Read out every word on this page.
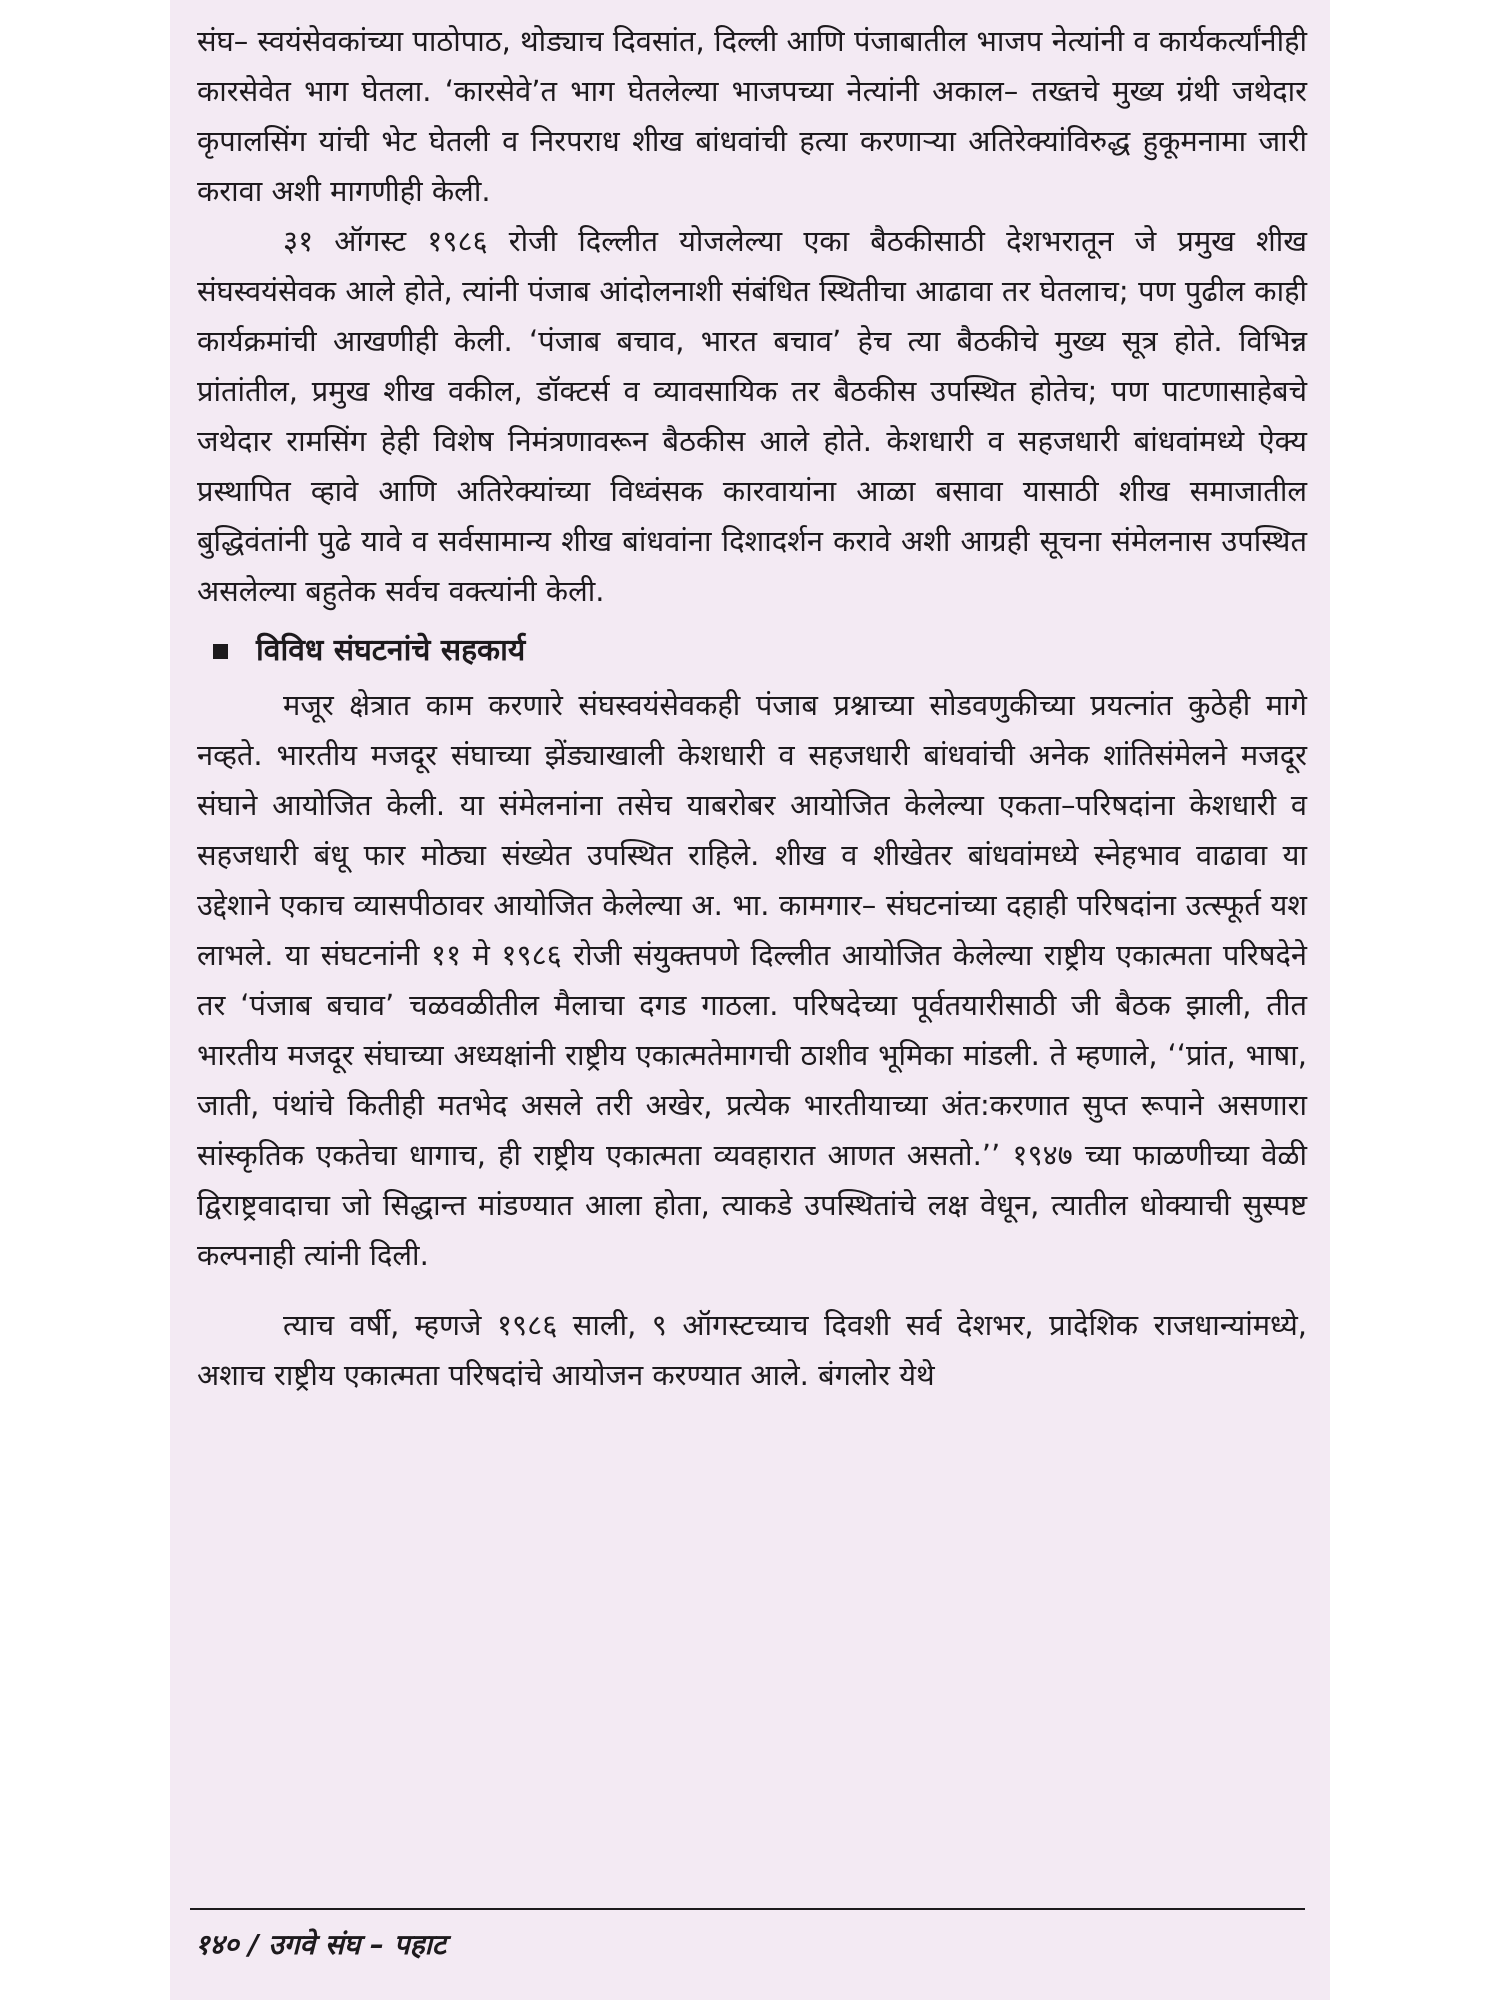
संघ– स्वयंसेवकांच्या पाठोपाठ, थोड्याच दिवसांत, दिल्ली आणि पंजाबातील भाजप नेत्यांनी व कार्यकर्त्यांनीही कारसेवेत भाग घेतला. ‘कारसेवे’त भाग घेतलेल्या भाजपच्या नेत्यांनी अकाल– तख्तचे मुख्य ग्रंथी जथेदार कृपालसिंग यांची भेट घेतली व निरपराध शीख बांधवांची हत्या करणाऱ्या अतिरेक्यांविरुद्ध हुकूमनामा जारी करावा अशी मागणीही केली.

३१ ऑगस्ट १९८६ रोजी दिल्लीत योजलेल्या एका बैठकीसाठी देशभरातून जे प्रमुख शीख संघस्वयंसेवक आले होते, त्यांनी पंजाब आंदोलनाशी संबंधित स्थितीचा आढावा तर घेतलाच; पण पुढील काही कार्यक्रमांची आखणीही केली. ‘पंजाब बचाव, भारत बचाव’ हेच त्या बैठकीचे मुख्य सूत्र होते. विभिन्न प्रांतांतील, प्रमुख शीख वकील, डॉक्टर्स व व्यावसायिक तर बैठकीस उपस्थित होतेच; पण पाटणासाहेबचे जथेदार रामसिंग हेही विशेष निमंत्रणावरून बैठकीस आले होते. केशधारी व सहजधारी बांधवांमध्ये ऐक्य प्रस्थापित व्हावे आणि अतिरेक्यांच्या विध्वंसक कारवायांना आळा बसावा यासाठी शीख समाजातील बुद्धिवंतांनी पुढे यावे व सर्वसामान्य शीख बांधवांना दिशादर्शन करावे अशी आग्रही सूचना संमेलनास उपस्थित असलेल्या बहुतेक सर्वच वक्त्यांनी केली.

विविध संघटनांचे सहकार्य

मजूर क्षेत्रात काम करणारे संघस्वयंसेवकही पंजाब प्रश्नाच्या सोडवणुकीच्या प्रयत्नांत कुठेही मागे नव्हते. भारतीय मजदूर संघाच्या झेंड्याखाली केशधारी व सहजधारी बांधवांची अनेक शांतिसंमेलने मजदूर संघाने आयोजित केली. या संमेलनांना तसेच याबरोबर आयोजित केलेल्या एकता–परिषदांना केशधारी व सहजधारी बंधू फार मोठ्या संख्येत उपस्थित राहिले. शीख व शीखेतर बांधवांमध्ये स्नेहभाव वाढावा या उद्देशाने एकाच व्यासपीठावर आयोजित केलेल्या अ. भा. कामगार– संघटनांच्या दहाही परिषदांना उत्स्फूर्त यश लाभले. या संघटनांनी ११ मे १९८६ रोजी संयुक्तपणे दिल्लीत आयोजित केलेल्या राष्ट्रीय एकात्मता परिषदेने तर ‘पंजाब बचाव’ चळवळीतील मैलाचा दगड गाठला. परिषदेच्या पूर्वतयारीसाठी जी बैठक झाली, तीत भारतीय मजदूर संघाच्या अध्यक्षांनी राष्ट्रीय एकात्मतेमागची ठाशीव भूमिका मांडली. ते म्हणाले, ‘‘प्रांत, भाषा, जाती, पंथांचे कितीही मतभेद असले तरी अखेर, प्रत्येक भारतीयाच्या अंत:करणात सुप्त रूपाने असणारा सांस्कृतिक एकतेचा धागाच, ही राष्ट्रीय एकात्मता व्यवहारात आणत असतो.’’ १९४७ च्या फाळणीच्या वेळी द्विराष्ट्रवादाचा जो सिद्धान्त मांडण्यात आला होता, त्याकडे उपस्थितांचे लक्ष वेधून, त्यातील धोक्याची सुस्पष्ट कल्पनाही त्यांनी दिली.

त्याच वर्षी, म्हणजे १९८६ साली, ९ ऑगस्टच्याच दिवशी सर्व देशभर, प्रादेशिक राजधान्यांमध्ये, अशाच राष्ट्रीय एकात्मता परिषदांचे आयोजन करण्यात आले. बंगलोर येथे

१४० / उगवे संघ – पहाट
